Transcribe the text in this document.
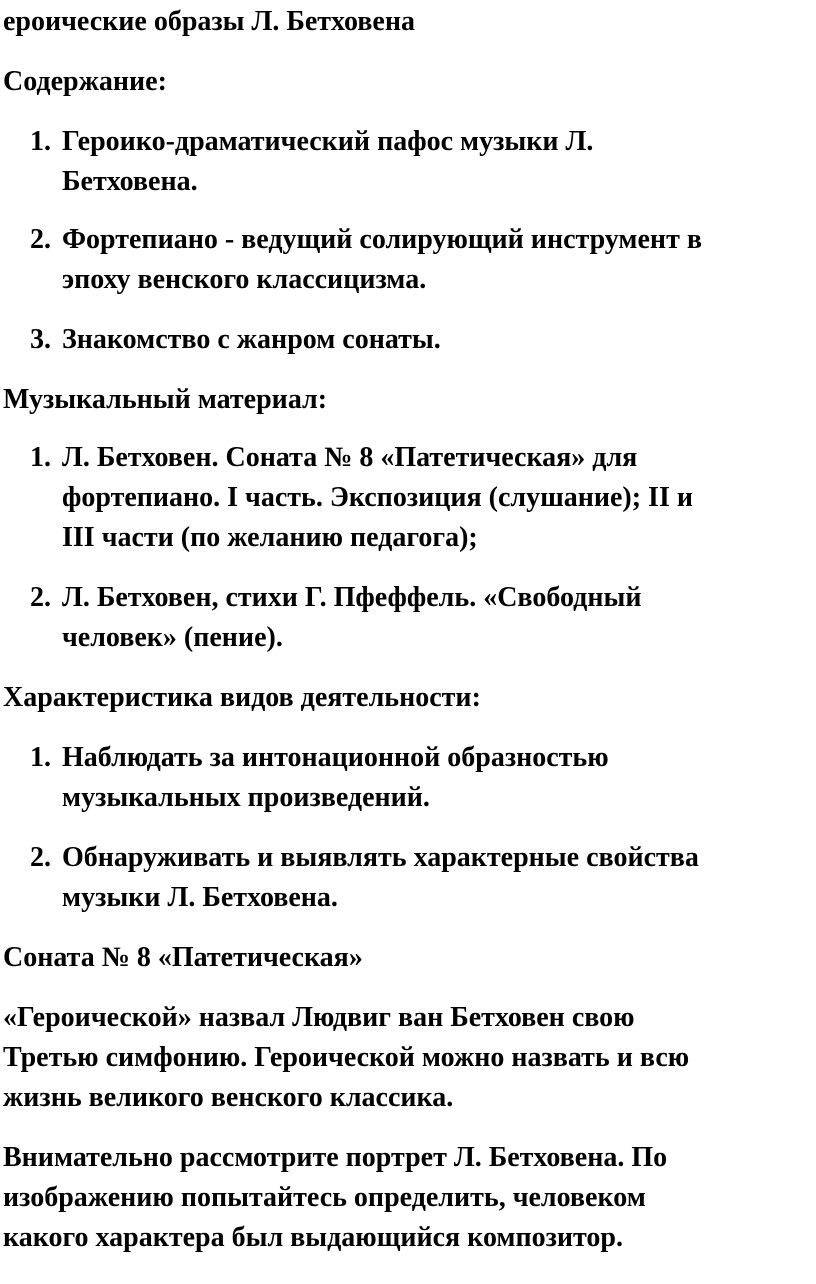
ероические образы Л. Бетховена

Содержание:

1. Героико-драматический пафос музыки Л.
Бетховена.
2. Фортепиано - ведущий солирующий инструмент в
эпоху венского классицизма.
3. Знакомство с жанром сонаты.

Музыкальный материал:

1. Л. Бетховен. Соната № 8 «Патетическая» для
фортепиано. I часть. Экспозиция (слушание); II и
III части (по желанию педагога);
2. Л. Бетховен, стихи Г. Пфеффель. «Свободный
человек» (пение).

Характеристика видов деятельности:

1. Наблюдать за интонационной образностью
музыкальных произведений.
2. Обнаруживать и выявлять характерные свойства
музыки Л. Бетховена.

Соната № 8 «Патетическая»

«Героической» назвал Людвиг ван Бетховен свою
Третью симфонию. Героической можно назвать и всю
жизнь великого венского классика.
Внимательно рассмотрите портрет Л. Бетховена. По
изображению попытайтесь определить, человеком
какого характера был выдающийся композитор.
